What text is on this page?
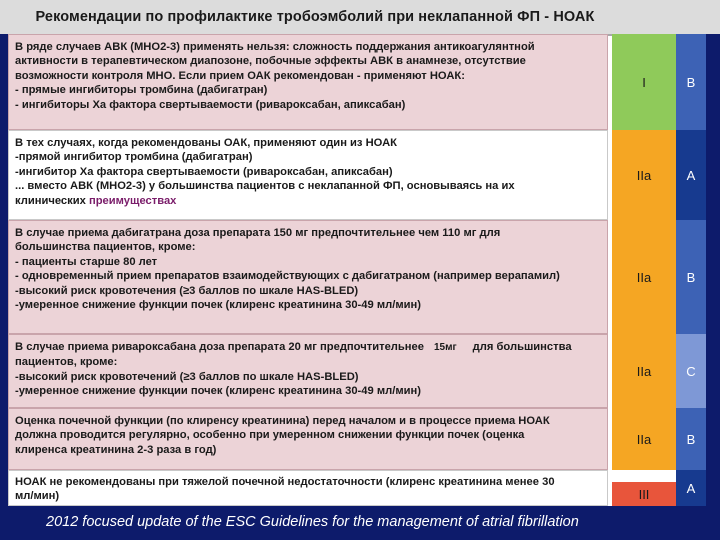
Рекомендации по профилактике тробоэмболий при неклапанной ФП - НОАК
В ряде случаев АВК (МНО2-3) применять нельзя: сложность поддержания антикоагулянтной
активности в терапевтическом диапозоне, побочные эффекты АВК в анамнезе, отсутствие
возможности контроля МНО. Если прием ОАК рекомендован - применяют НОАК:
- прямые ингибиторы тромбина (дабигатран)
- ингибиторы Ха фактора свертываемости (ривароксабан, апиксабан)
I	B
В тех случаях, когда рекомендованы ОАК, применяют один из НОАК
-прямой ингибитор тромбина (дабигатран)
-ингибитор Ха фактора свертываемости (ривароксабан, апиксабан)
... вместо АВК (МНО2-3) у большинства пациентов с неклапанной ФП, основываясь на их
клинических преимуществах
IIa	A
В случае приема дабигатрана доза препарата 150 мг предпочтительнее чем 110 мг для
большинства пациентов, кроме:
- пациенты старше 80 лет
- одновременный прием препаратов взаимодействующих с дабигатраном (например верапамил)
-высокий риск кровотечения (≥3 баллов по шкале HAS-BLED)
-умеренное снижение функции почек (клиренс креатинина 30-49 мл/мин)
IIa	B
В случае приема ривароксабана доза препарата 20 мг предпочтительнее 15мг для большинства
пациентов, кроме:
-высокий риск кровотечений (≥3 баллов по шкале HAS-BLED)
-умеренное снижение функции почек (клиренс креатинина 30-49 мл/мин)
IIa	C
Оценка почечной функции (по клиренсу креатинина) перед началом и в процессе приема НОАК
должна проводится регулярно, особенно при умеренном снижении функции почек (оценка
клиренса креатинина 2-3 раза в год)
IIa	B
НОАК не рекомендованы при тяжелой почечной недостаточности (клиренс креатинина менее 30
мл/мин)	III	A
2012 focused update of the ESC Guidelines for the management of atrial fibrillation
